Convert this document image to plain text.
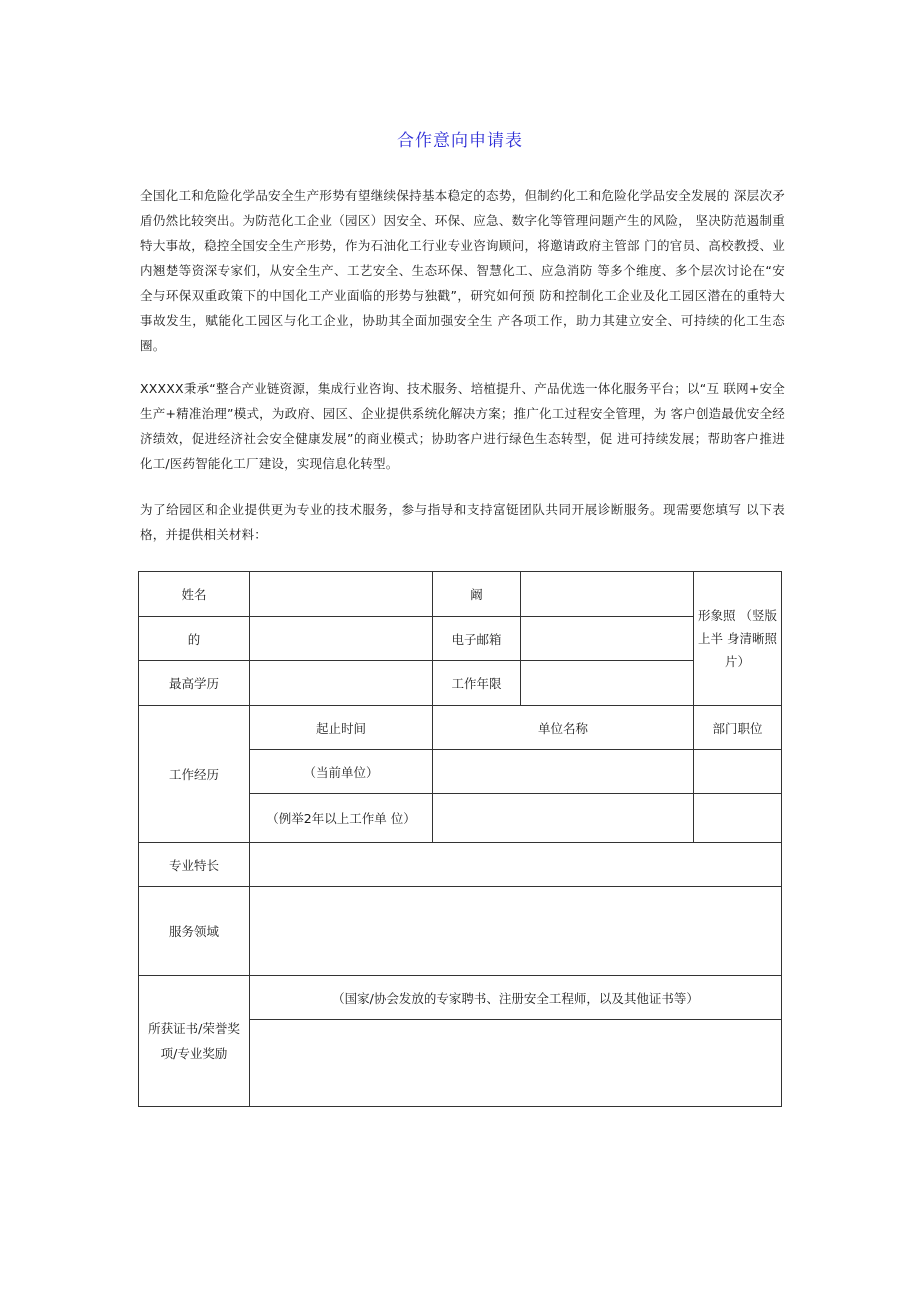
合作意向申请表

全国化工和危险化学品安全生产形势有望继续保持基本稳定的态势，但制约化工和危险化学品安全发展的 深层次矛盾仍然比较突出。为防范化工企业（园区）因安全、环保、应急、数字化等管理问题产生的风险， 坚决防范遏制重特大事故，稳控全国安全生产形势，作为石油化工行业专业咨询顾问，将邀请政府主管部 门的官员、高校教授、业内翘楚等资深专家们，从安全生产、工艺安全、生态环保、智慧化工、应急消防 等多个维度、多个层次讨论在“安全与环保双重政策下的中国化工产业面临的形势与独戳”，研究如何预 防和控制化工企业及化工园区潜在的重特大事故发生，赋能化工园区与化工企业，协助其全面加强安全生 产各项工作，助力其建立安全、可持续的化工生态圈。

XXXXX秉承“整合产业链资源，集成行业咨询、技术服务、培植提升、产品优选一体化服务平台；以“互 联网+安全生产+精准治理”模式，为政府、园区、企业提供系统化解决方案；推广化工过程安全管理，为 客户创造最优安全经济绩效，促进经济社会安全健康发展”的商业模式；协助客户进行绿色生态转型，促 进可持续发展；帮助客户推进化工/医药智能化工厂建设，实现信息化转型。

为了给园区和企业提供更为专业的技术服务，参与指导和支持富铤团队共同开展诊断服务。现需要您填写 以下表格，并提供相关材料：

姓名		阚		形象照 （竖版上半 身清晰照片）
的		电子邮箱		
最高学历		工作年限		
工作经历	起止时间	单位名称		部门职位
	（当前单位）			
	（例举2年以上工作单 位）			
专业特长				
服务领域				
所获证书/荣誉奖项/专业奖励	（国家/协会发放的专家聘书、注册安全工程师，以及其他证书等）			
